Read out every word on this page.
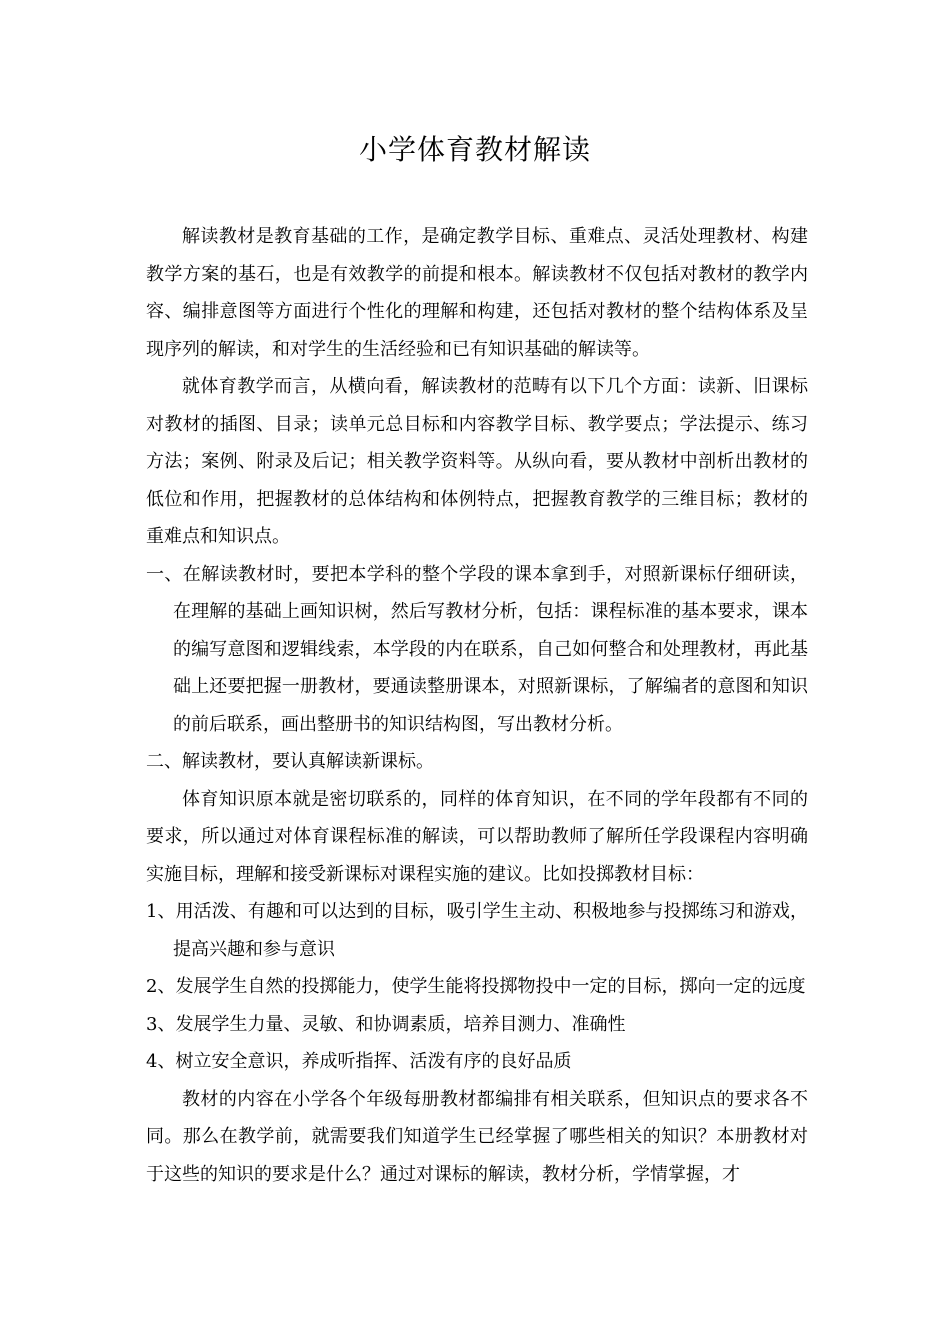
小学体育教材解读

解读教材是教育基础的工作，是确定教学目标、重难点、灵活处理教材、构建教学方案的基石，也是有效教学的前提和根本。解读教材不仅包括对教材的教学内容、编排意图等方面进行个性化的理解和构建，还包括对教材的整个结构体系及呈现序列的解读，和对学生的生活经验和已有知识基础的解读等。

就体育教学而言，从横向看，解读教材的范畴有以下几个方面：读新、旧课标对教材的插图、目录；读单元总目标和内容教学目标、教学要点；学法提示、练习方法；案例、附录及后记；相关教学资料等。从纵向看，要从教材中剖析出教材的低位和作用，把握教材的总体结构和体例特点，把握教育教学的三维目标；教材的重难点和知识点。

一、在解读教材时，要把本学科的整个学段的课本拿到手，对照新课标仔细研读，在理解的基础上画知识树，然后写教材分析，包括：课程标准的基本要求，课本的编写意图和逻辑线索，本学段的内在联系，自己如何整合和处理教材，再此基础上还要把握一册教材，要通读整册课本，对照新课标，了解编者的意图和知识的前后联系，画出整册书的知识结构图，写出教材分析。

二、解读教材，要认真解读新课标。

体育知识原本就是密切联系的，同样的体育知识，在不同的学年段都有不同的要求，所以通过对体育课程标准的解读，可以帮助教师了解所任学段课程内容明确实施目标，理解和接受新课标对课程实施的建议。比如投掷教材目标：

1、用活泼、有趣和可以达到的目标，吸引学生主动、积极地参与投掷练习和游戏，提高兴趣和参与意识

2、发展学生自然的投掷能力，使学生能将投掷物投中一定的目标，掷向一定的远度

3、发展学生力量、灵敏、和协调素质，培养目测力、准确性

4、树立安全意识，养成听指挥、活泼有序的良好品质

教材的内容在小学各个年级每册教材都编排有相关联系，但知识点的要求各不同。那么在教学前，就需要我们知道学生已经掌握了哪些相关的知识？本册教材对于这些的知识的要求是什么？通过对课标的解读，教材分析，学情掌握，才
